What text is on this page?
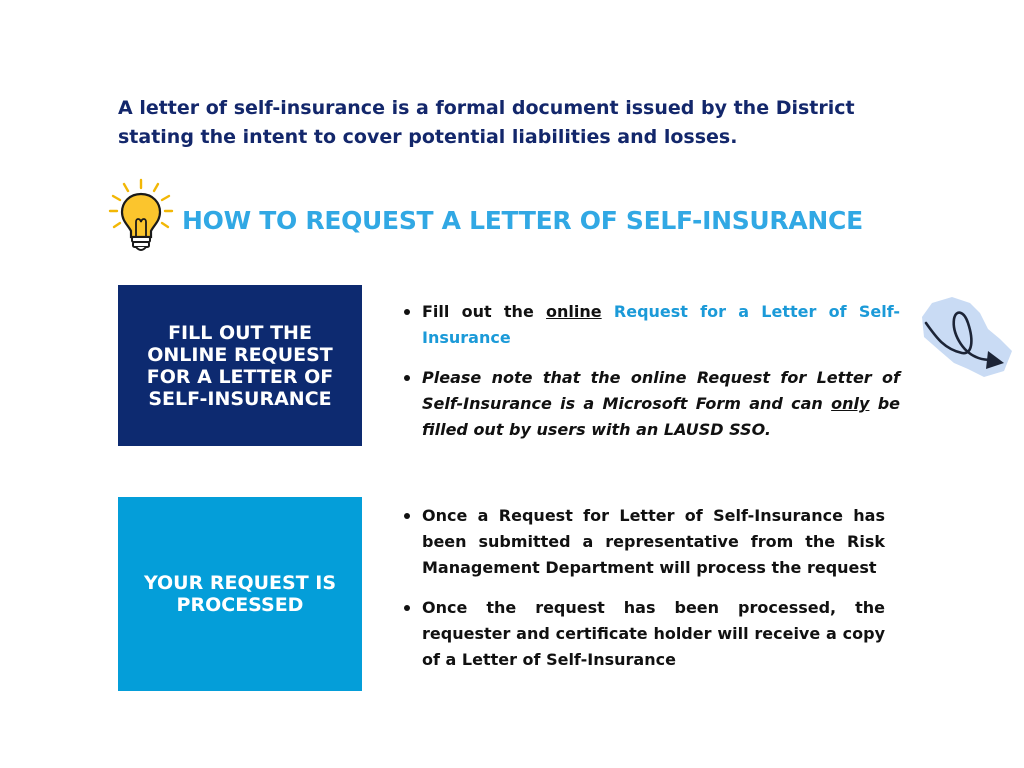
A letter of self-insurance is a formal document issued by the District stating the intent to cover potential liabilities and losses.

HOW TO REQUEST A LETTER OF SELF-INSURANCE
FILL OUT THE ONLINE REQUEST FOR A LETTER OF SELF-INSURANCE
Fill out the online Request for a Letter of Self-Insurance
Please note that the online Request for Letter of Self-Insurance is a Microsoft Form and can only be filled out by users with an LAUSD SSO.
YOUR REQUEST IS PROCESSED
Once a Request for Letter of Self-Insurance has been submitted a representative from the Risk Management Department will process the request
Once the request has been processed, the requester and certificate holder will receive a copy of a Letter of Self-Insurance
